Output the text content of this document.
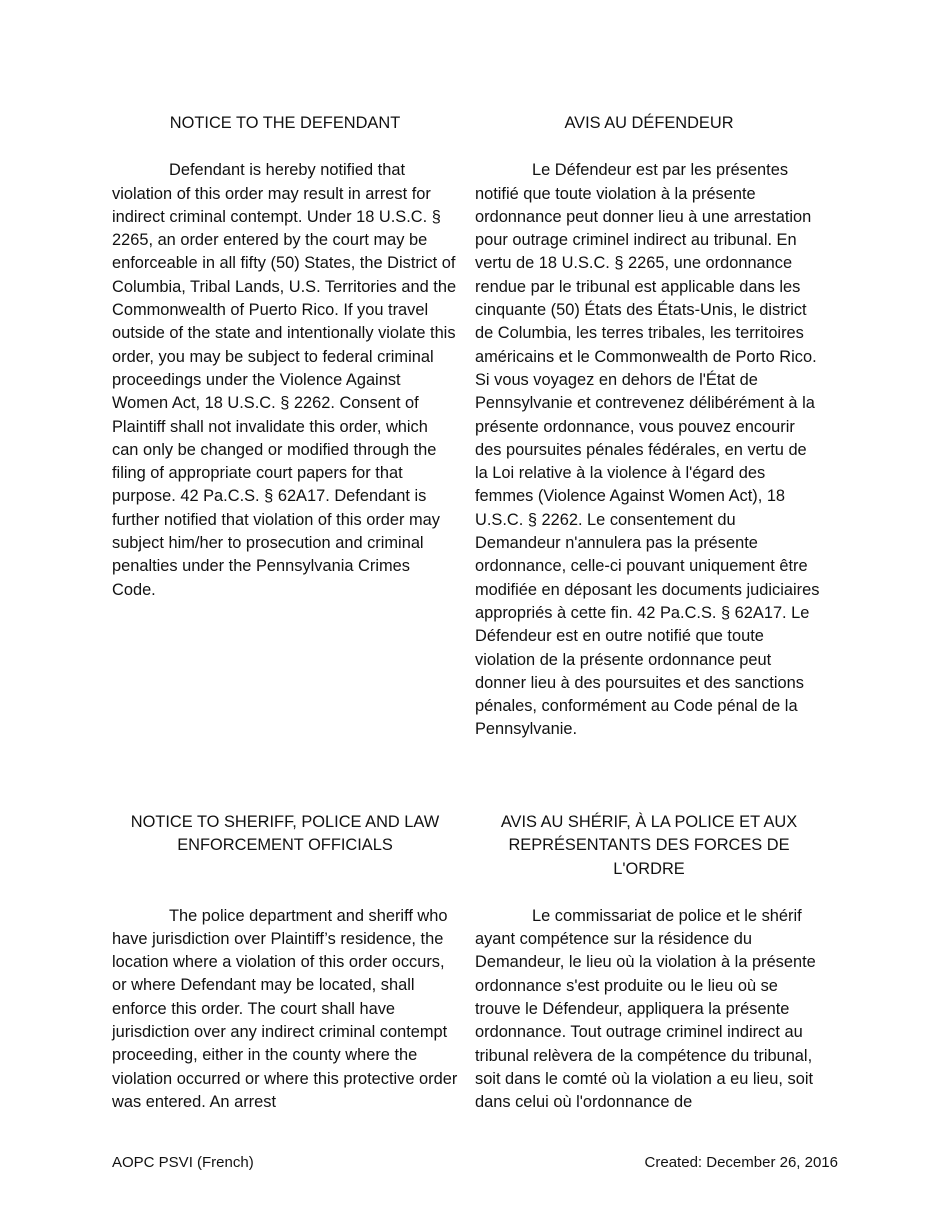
NOTICE TO THE DEFENDANT

Defendant is hereby notified that violation of this order may result in arrest for indirect criminal contempt. Under 18 U.S.C. § 2265, an order entered by the court may be enforceable in all fifty (50) States, the District of Columbia, Tribal Lands, U.S. Territories and the Commonwealth of Puerto Rico. If you travel outside of the state and intentionally violate this order, you may be subject to federal criminal proceedings under the Violence Against Women Act, 18 U.S.C. § 2262. Consent of Plaintiff shall not invalidate this order, which can only be changed or modified through the filing of appropriate court papers for that purpose. 42 Pa.C.S. § 62A17. Defendant is further notified that violation of this order may subject him/her to prosecution and criminal penalties under the Pennsylvania Crimes Code.

AVIS AU DÉFENDEUR

Le Défendeur est par les présentes notifié que toute violation à la présente ordonnance peut donner lieu à une arrestation pour outrage criminel indirect au tribunal. En vertu de 18 U.S.C. § 2265, une ordonnance rendue par le tribunal est applicable dans les cinquante (50) États des États-Unis, le district de Columbia, les terres tribales, les territoires américains et le Commonwealth de Porto Rico. Si vous voyagez en dehors de l'État de Pennsylvanie et contrevenez délibérément à la présente ordonnance, vous pouvez encourir des poursuites pénales fédérales, en vertu de la Loi relative à la violence à l'égard des femmes (Violence Against Women Act), 18 U.S.C. § 2262. Le consentement du Demandeur n'annulera pas la présente ordonnance, celle-ci pouvant uniquement être modifiée en déposant les documents judiciaires appropriés à cette fin. 42 Pa.C.S. § 62A17. Le Défendeur est en outre notifié que toute violation de la présente ordonnance peut donner lieu à des poursuites et des sanctions pénales, conformément au Code pénal de la Pennsylvanie.

NOTICE TO SHERIFF, POLICE AND LAW ENFORCEMENT OFFICIALS

The police department and sheriff who have jurisdiction over Plaintiff’s residence, the location where a violation of this order occurs, or where Defendant may be located, shall enforce this order. The court shall have jurisdiction over any indirect criminal contempt proceeding, either in the county where the violation occurred or where this protective order was entered. An arrest

AVIS AU SHÉRIF, À LA POLICE ET AUX REPRÉSENTANTS DES FORCES DE L'ORDRE

Le commissariat de police et le shérif ayant compétence sur la résidence du Demandeur, le lieu où la violation à la présente ordonnance s'est produite ou le lieu où se trouve le Défendeur, appliquera la présente ordonnance. Tout outrage criminel indirect au tribunal relèvera de la compétence du tribunal, soit dans le comté où la violation a eu lieu, soit dans celui où l'ordonnance de

AOPC PSVI (French)	Created: December 26, 2016
